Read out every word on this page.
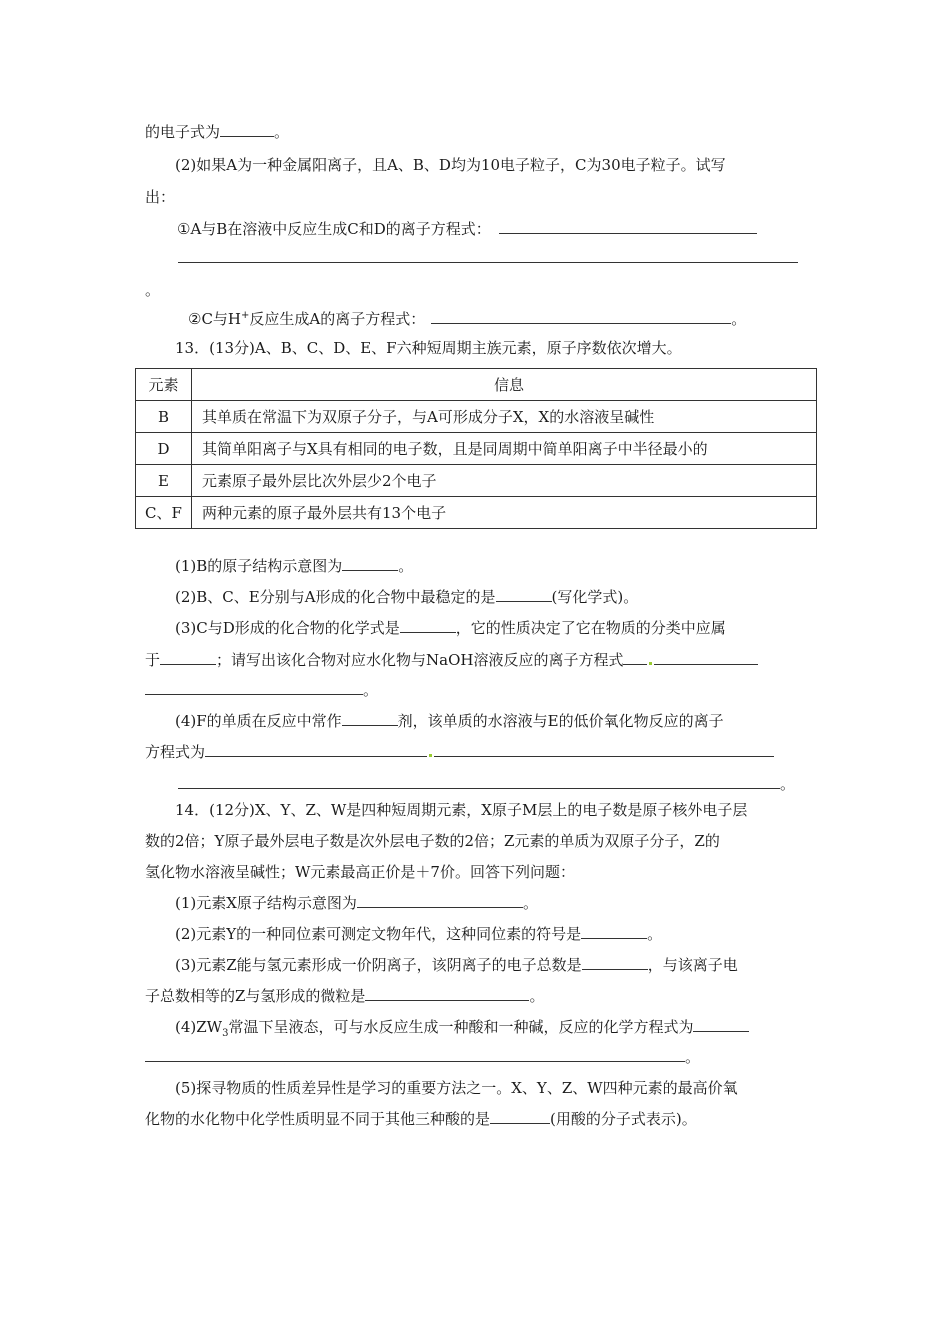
的电子式为	。
(2)如果A为一种金属阳离子，且A、B、D均为10电子粒子，C为30电子粒子。试写
出：
①A与B在溶液中反应生成C和D的离子方程式：
。
②C与H+反应生成A的离子方程式：	。
13．(13分)A、B、C、D、E、F六种短周期主族元素，原子序数依次增大。
元素	信息
B	其单质在常温下为双原子分子，与A可形成分子X，X的水溶液呈碱性
D	其简单阳离子与X具有相同的电子数，且是同周期中简单阳离子中半径最小的
E	元素原子最外层比次外层少2个电子
C、F	两种元素的原子最外层共有13个电子
(1)B的原子结构示意图为	。
(2)B、C、E分别与A形成的化合物中最稳定的是	(写化学式)。
(3)C与D形成的化合物的化学式是	，它的性质决定了它在物质的分类中应属
于	；请写出该化合物对应水化物与NaOH溶液反应的离子方程式
。
(4)F的单质在反应中常作	剂，该单质的水溶液与E的低价氧化物反应的离子
方程式为
。
14．(12分)X、Y、Z、W是四种短周期元素，X原子M层上的电子数是原子核外电子层
数的2倍；Y原子最外层电子数是次外层电子数的2倍；Z元素的单质为双原子分子，Z的
氢化物水溶液呈碱性；W元素最高正价是＋7价。回答下列问题：
(1)元素X原子结构示意图为	。
(2)元素Y的一种同位素可测定文物年代，这种同位素的符号是	。
(3)元素Z能与氢元素形成一价阴离子，该阴离子的电子总数是	，与该离子电
子总数相等的Z与氢形成的微粒是	。
$(4)ZW_3$常温下呈液态，可与水反应生成一种酸和一种碱，反应的化学方程式为
。
(5)探寻物质的性质差异性是学习的重要方法之一。X、Y、Z、W四种元素的最高价氧
化物的水化物中化学性质明显不同于其他三种酸的是	(用酸的分子式表示)。
